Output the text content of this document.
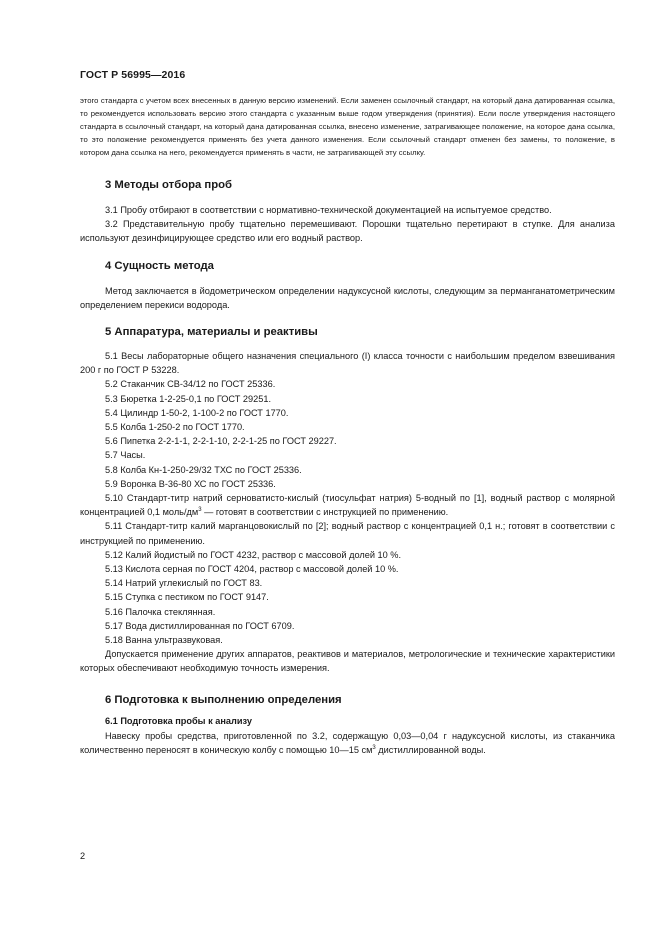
ГОСТ Р 56995—2016

этого стандарта с учетом всех внесенных в данную версию изменений. Если заменен ссылочный стандарт, на который дана датированная ссылка, то рекомендуется использовать версию этого стандарта с указанным выше годом утверждения (принятия). Если после утверждения настоящего стандарта в ссылочный стандарт, на который дана датированная ссылка, внесено изменение, затрагивающее положение, на которое дана ссылка, то это положение рекомендуется применять без учета данного изменения. Если ссылочный стандарт отменен без замены, то положение, в котором дана ссылка на него, рекомендуется применять в части, не затрагивающей эту ссылку.

3 Методы отбора проб

3.1 Пробу отбирают в соответствии с нормативно-технической документацией на испытуемое средство.

3.2 Представительную пробу тщательно перемешивают. Порошки тщательно перетирают в ступке. Для анализа используют дезинфицирующее средство или его водный раствор.

4 Сущность метода

Метод заключается в йодометрическом определении надуксусной кислоты, следующим за перманганатометрическим определением перекиси водорода.

5 Аппаратура, материалы и реактивы

5.1 Весы лабораторные общего назначения специального (I) класса точности с наибольшим пределом взвешивания 200 г по ГОСТ Р 53228.

5.2 Стаканчик СВ-34/12 по ГОСТ 25336.

5.3 Бюретка 1-2-25-0,1 по ГОСТ 29251.

5.4 Цилиндр 1-50-2, 1-100-2 по ГОСТ 1770.

5.5 Колба 1-250-2 по ГОСТ 1770.

5.6 Пипетка 2-2-1-1, 2-2-1-10, 2-2-1-25 по ГОСТ 29227.

5.7 Часы.

5.8 Колба Кн-1-250-29/32 ТХС по ГОСТ 25336.

5.9 Воронка В-36-80 ХС по ГОСТ 25336.

5.10 Стандарт-титр натрий серноватисто-кислый (тиосульфат натрия) 5-водный по [1], водный раствор с молярной концентрацией 0,1 моль/$дм^3$ — готовят в соответствии с инструкцией по применению.

5.11 Стандарт-титр калий марганцовокислый по [2]; водный раствор с концентрацией 0,1 н.; готовят в соответствии с инструкцией по применению.

5.12 Калий йодистый по ГОСТ 4232, раствор с массовой долей 10 %.

5.13 Кислота серная по ГОСТ 4204, раствор с массовой долей 10 %.

5.14 Натрий углекислый по ГОСТ 83.

5.15 Ступка с пестиком по ГОСТ 9147.

5.16 Палочка стеклянная.

5.17 Вода дистиллированная по ГОСТ 6709.

5.18 Ванна ультразвуковая.

Допускается применение других аппаратов, реактивов и материалов, метрологические и технические характеристики которых обеспечивают необходимую точность измерения.

6 Подготовка к выполнению определения
6.1 Подготовка пробы к анализу

Навеску пробы средства, приготовленной по 3.2, содержащую 0,03—0,04 г надуксусной кислоты, из стаканчика количественно переносят в коническую колбу с помощью 10—15 $см^3$ дистиллированной воды.

2
